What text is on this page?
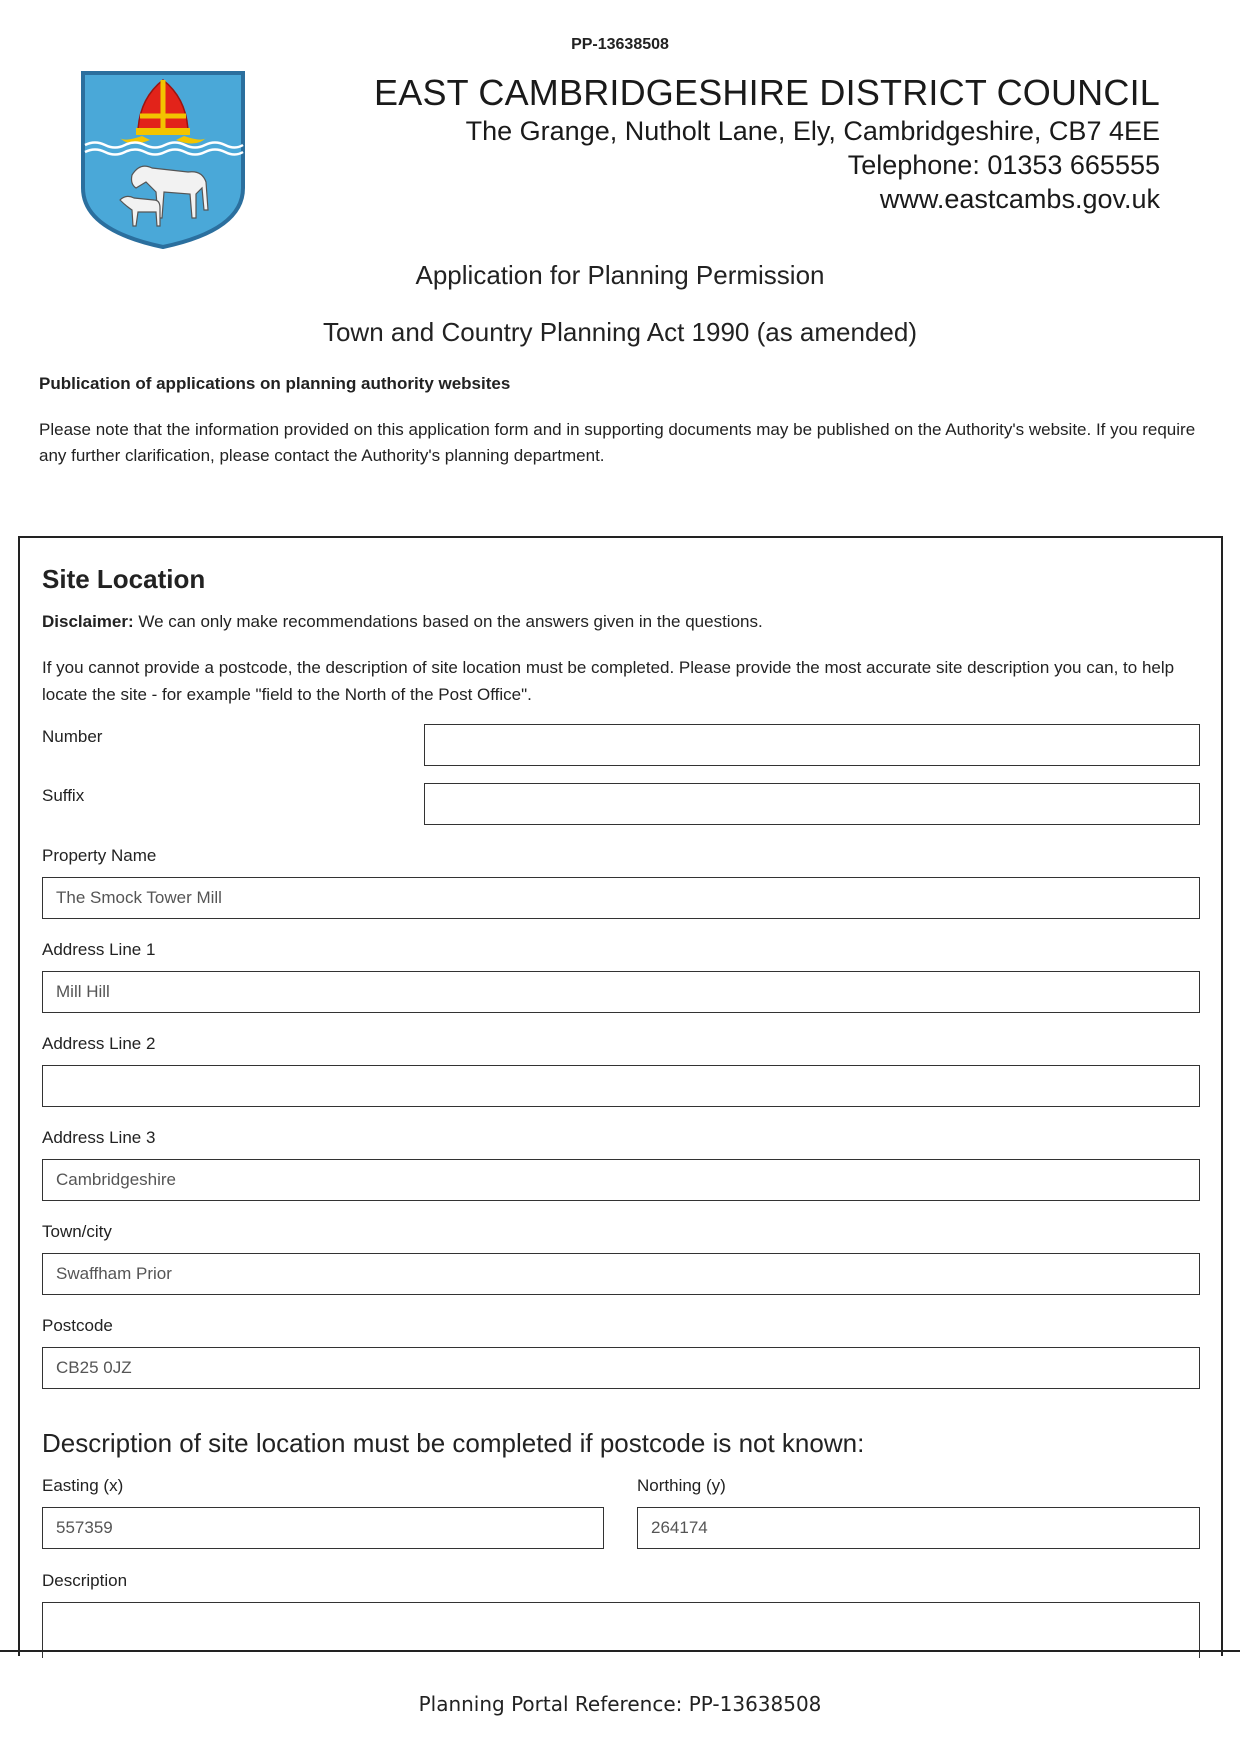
PP-13638508
EAST CAMBRIDGESHIRE DISTRICT COUNCIL
The Grange, Nutholt Lane, Ely, Cambridgeshire, CB7 4EE
Telephone: 01353 665555
www.eastcambs.gov.uk
Application for Planning Permission
Town and Country Planning Act 1990 (as amended)
Publication of applications on planning authority websites
Please note that the information provided on this application form and in supporting documents may be published on the Authority's website. If you require any further clarification, please contact the Authority's planning department.
Site Location
Disclaimer: We can only make recommendations based on the answers given in the questions.
If you cannot provide a postcode, the description of site location must be completed. Please provide the most accurate site description you can, to help locate the site - for example "field to the North of the Post Office".
Number
Suffix
Property Name
The Smock Tower Mill
Address Line 1
Mill Hill
Address Line 2
Address Line 3
Cambridgeshire
Town/city
Swaffham Prior
Postcode
CB25 0JZ
Description of site location must be completed if postcode is not known:
Easting (x)
557359
Northing (y)
264174
Description
Planning Portal Reference: PP-13638508
